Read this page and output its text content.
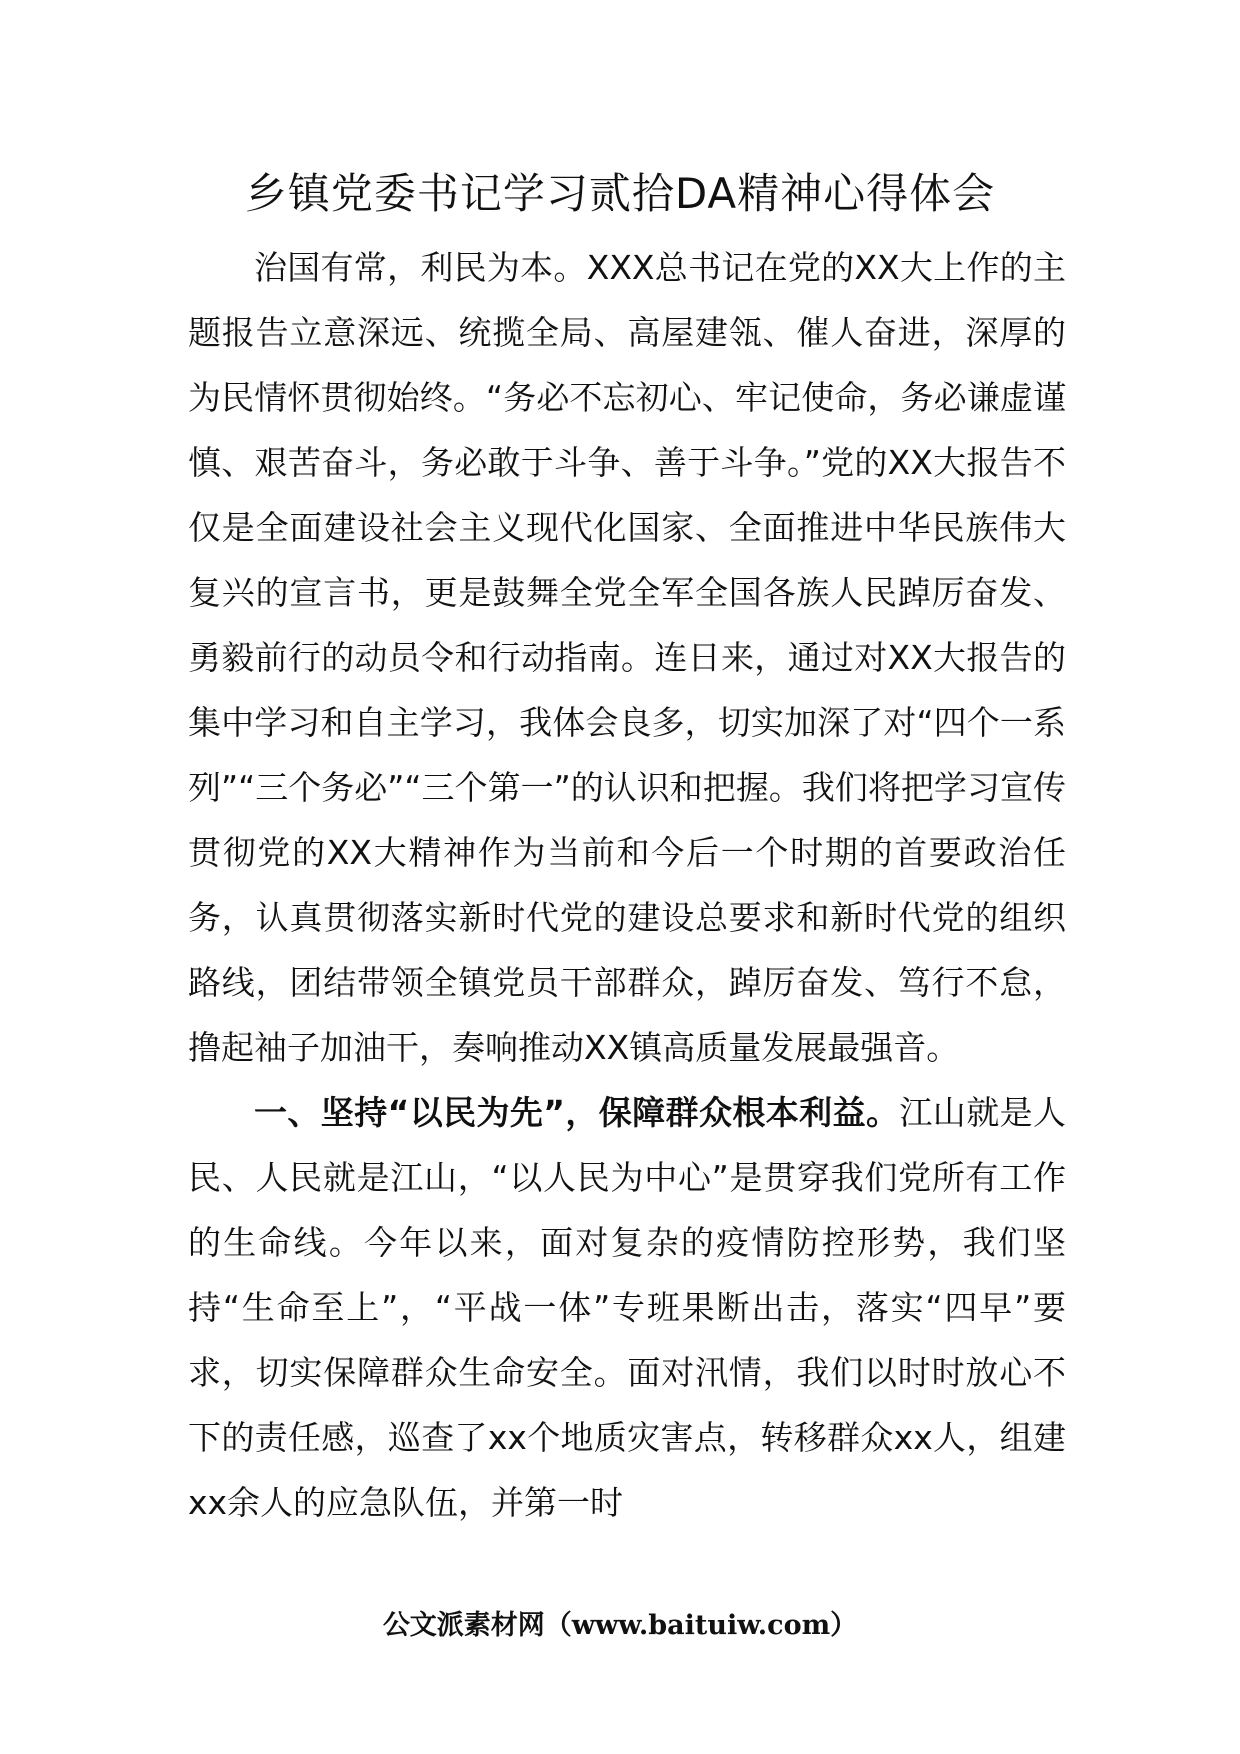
乡镇党委书记学习贰拾DA精神心得体会

治国有常，利民为本。XXX总书记在党的XX大上作的主题报告立意深远、统揽全局、高屋建瓴、催人奋进，深厚的为民情怀贯彻始终。“务必不忘初心、牢记使命，务必谦虚谨慎、艰苦奋斗，务必敢于斗争、善于斗争。”党的XX大报告不仅是全面建设社会主义现代化国家、全面推进中华民族伟大复兴的宣言书，更是鼓舞全党全军全国各族人民踔厉奋发、勇毅前行的动员令和行动指南。连日来，通过对XX大报告的集中学习和自主学习，我体会良多，切实加深了对“四个一系列”“三个务必”“三个第一”的认识和把握。我们将把学习宣传贯彻党的XX大精神作为当前和今后一个时期的首要政治任务，认真贯彻落实新时代党的建设总要求和新时代党的组织路线，团结带领全镇党员干部群众，踔厉奋发、笃行不怠，撸起袖子加油干，奏响推动XX镇高质量发展最强音。

一、坚持“以民为先”，保障群众根本利益。江山就是人民、人民就是江山，“以人民为中心”是贯穿我们党所有工作的生命线。今年以来，面对复杂的疫情防控形势，我们坚持“生命至上”，“平战一体”专班果断出击，落实“四早”要求，切实保障群众生命安全。面对汛情，我们以时时放心不下的责任感，巡查了xx个地质灾害点，转移群众xx人，组建xx余人的应急队伍，并第一时

公文派素材网（www.baituiw.com）
